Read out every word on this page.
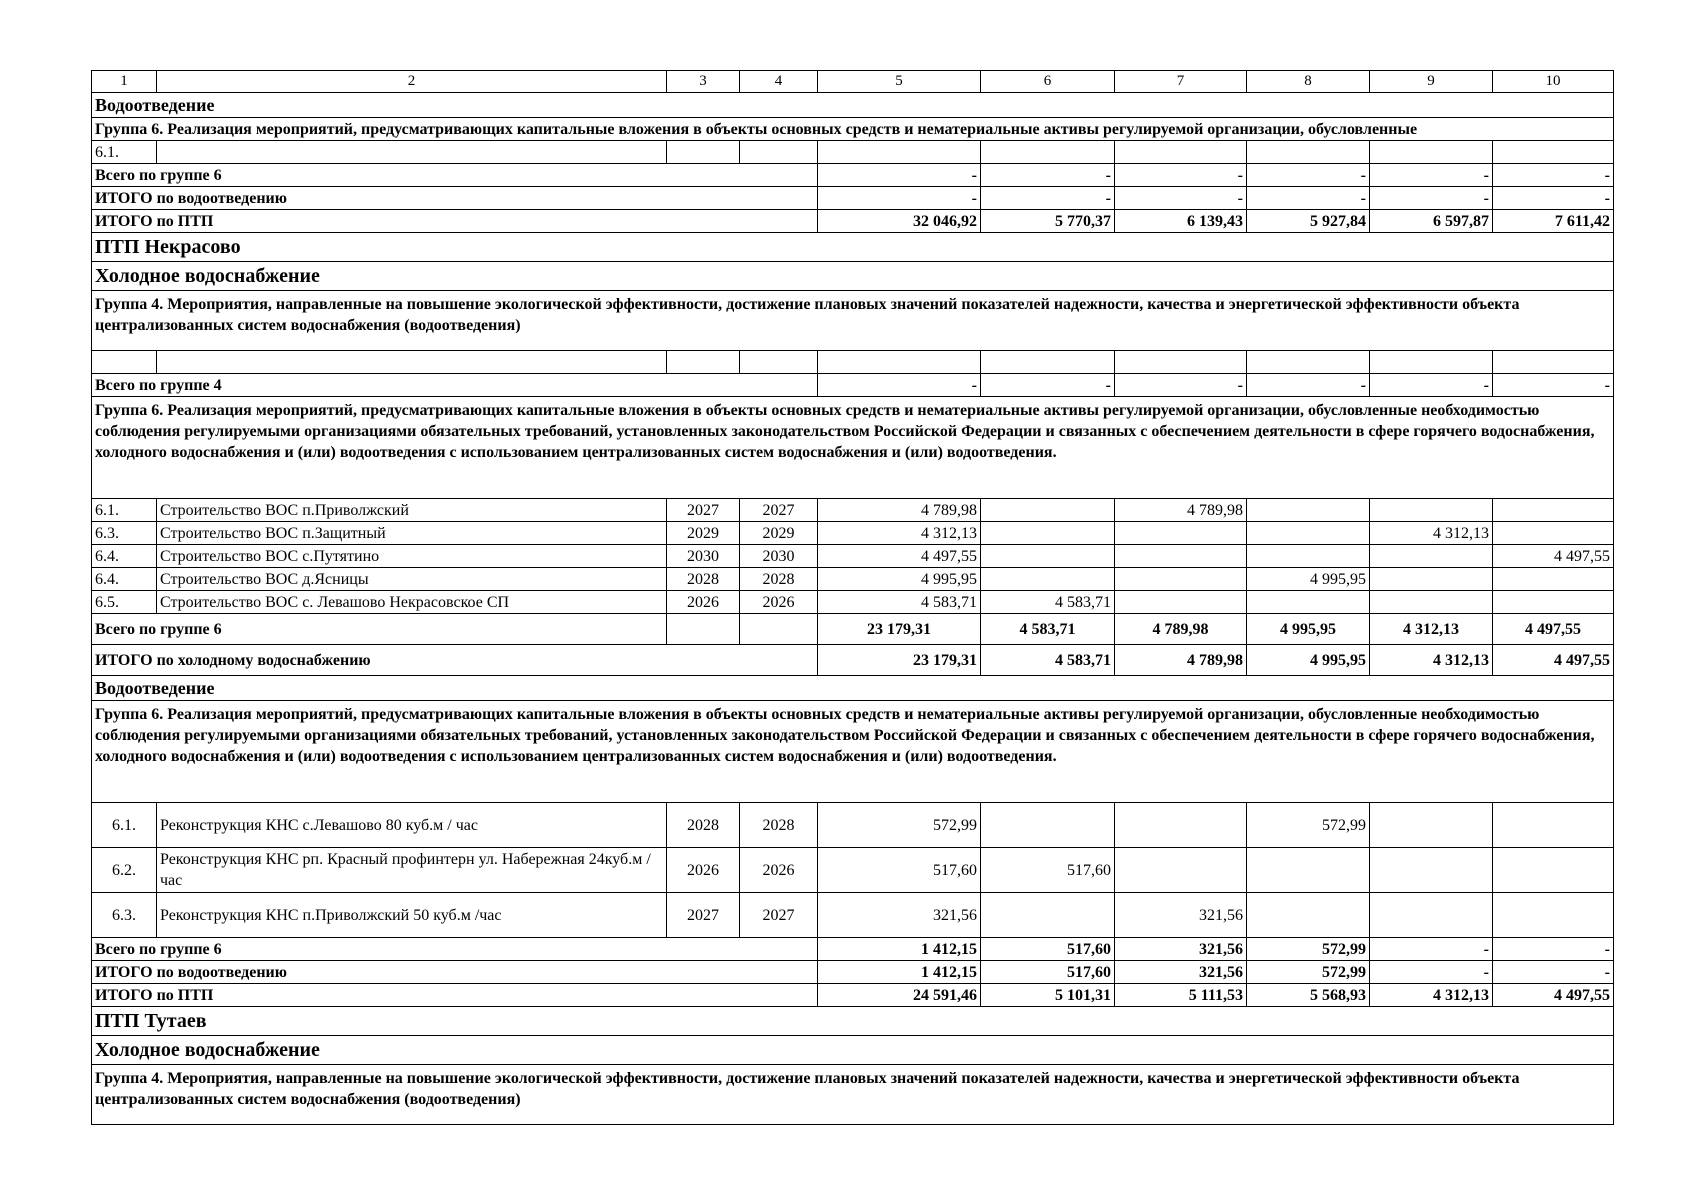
1	2	3	4	5	6	7	8	9	10
Водоотведение									
Группа 6. Реализация мероприятий, предусматривающих капитальные вложения в объекты основных средств и нематериальные активы регулируемой организации, обусловленные									
6.1.									
Всего по группе 6				-	-	-	-	-	-
ИТОГО по водоотведению				-	-	-	-	-	-
ИТОГО по ПТП				32 046,92	5 770,37	6 139,43	5 927,84	6 597,87	7 611,42
ПТП Некрасово									
Холодное водоснабжение									
Группа 4. Мероприятия, направленные на повышение экологической эффективности, достижение плановых значений показателей надежности, качества и энергетической эффективности объекта централизованных систем водоснабжения (водоотведения)									

Всего по группе 4				-	-	-	-	-	-
Группа 6. Реализация мероприятий, предусматривающих капитальные вложения в объекты основных средств и нематериальные активы регулируемой организации, обусловленные необходимостью соблюдения регулируемыми организациями обязательных требований, установленных законодательством Российской Федерации и связанных с обеспечением деятельности в сфере горячего водоснабжения, холодного водоснабжения и (или) водоотведения с использованием централизованных систем водоснабжения и (или) водоотведения.									
6.1.	Строительство ВОС п.Приволжский	2027	2027	4 789,98		4 789,98			
6.3.	Строительство ВОС п.Защитный	2029	2029	4 312,13				4 312,13	
6.4.	Строительство ВОС с.Путятино	2030	2030	4 497,55					4 497,55
6.4.	Строительство ВОС д.Ясницы	2028	2028	4 995,95			4 995,95		
6.5.	Строительство ВОС с. Левашово Некрасовское СП	2026	2026	4 583,71	4 583,71				
Всего по группе 6				23 179,31	4 583,71	4 789,98	4 995,95	4 312,13	4 497,55
ИТОГО по холодному водоснабжению				23 179,31	4 583,71	4 789,98	4 995,95	4 312,13	4 497,55
Водоотведение									
Группа 6. Реализация мероприятий, предусматривающих капитальные вложения в объекты основных средств и нематериальные активы регулируемой организации, обусловленные необходимостью соблюдения регулируемыми организациями обязательных требований, установленных законодательством Российской Федерации и связанных с обеспечением деятельности в сфере горячего водоснабжения, холодного водоснабжения и (или) водоотведения с использованием централизованных систем водоснабжения и (или) водоотведения.									
6.1.	Реконструкция КНС с.Левашово 80 куб.м / час	2028	2028	572,99			572,99		
6.2.	Реконструкция КНС рп. Красный профинтерн ул. Набережная 24куб.м /час	2026	2026	517,60	517,60				
6.3.	Реконструкция КНС п.Приволжский 50 куб.м /час	2027	2027	321,56		321,56			
Всего по группе 6				1 412,15	517,60	321,56	572,99	-	-
ИТОГО по водоотведению				1 412,15	517,60	321,56	572,99	-	-
ИТОГО по ПТП				24 591,46	5 101,31	5 111,53	5 568,93	4 312,13	4 497,55
ПТП Тутаев									
Холодное водоснабжение									
Группа 4. Мероприятия, направленные на повышение экологической эффективности, достижение плановых значений показателей надежности, качества и энергетической эффективности объекта централизованных систем водоснабжения (водоотведения)									
